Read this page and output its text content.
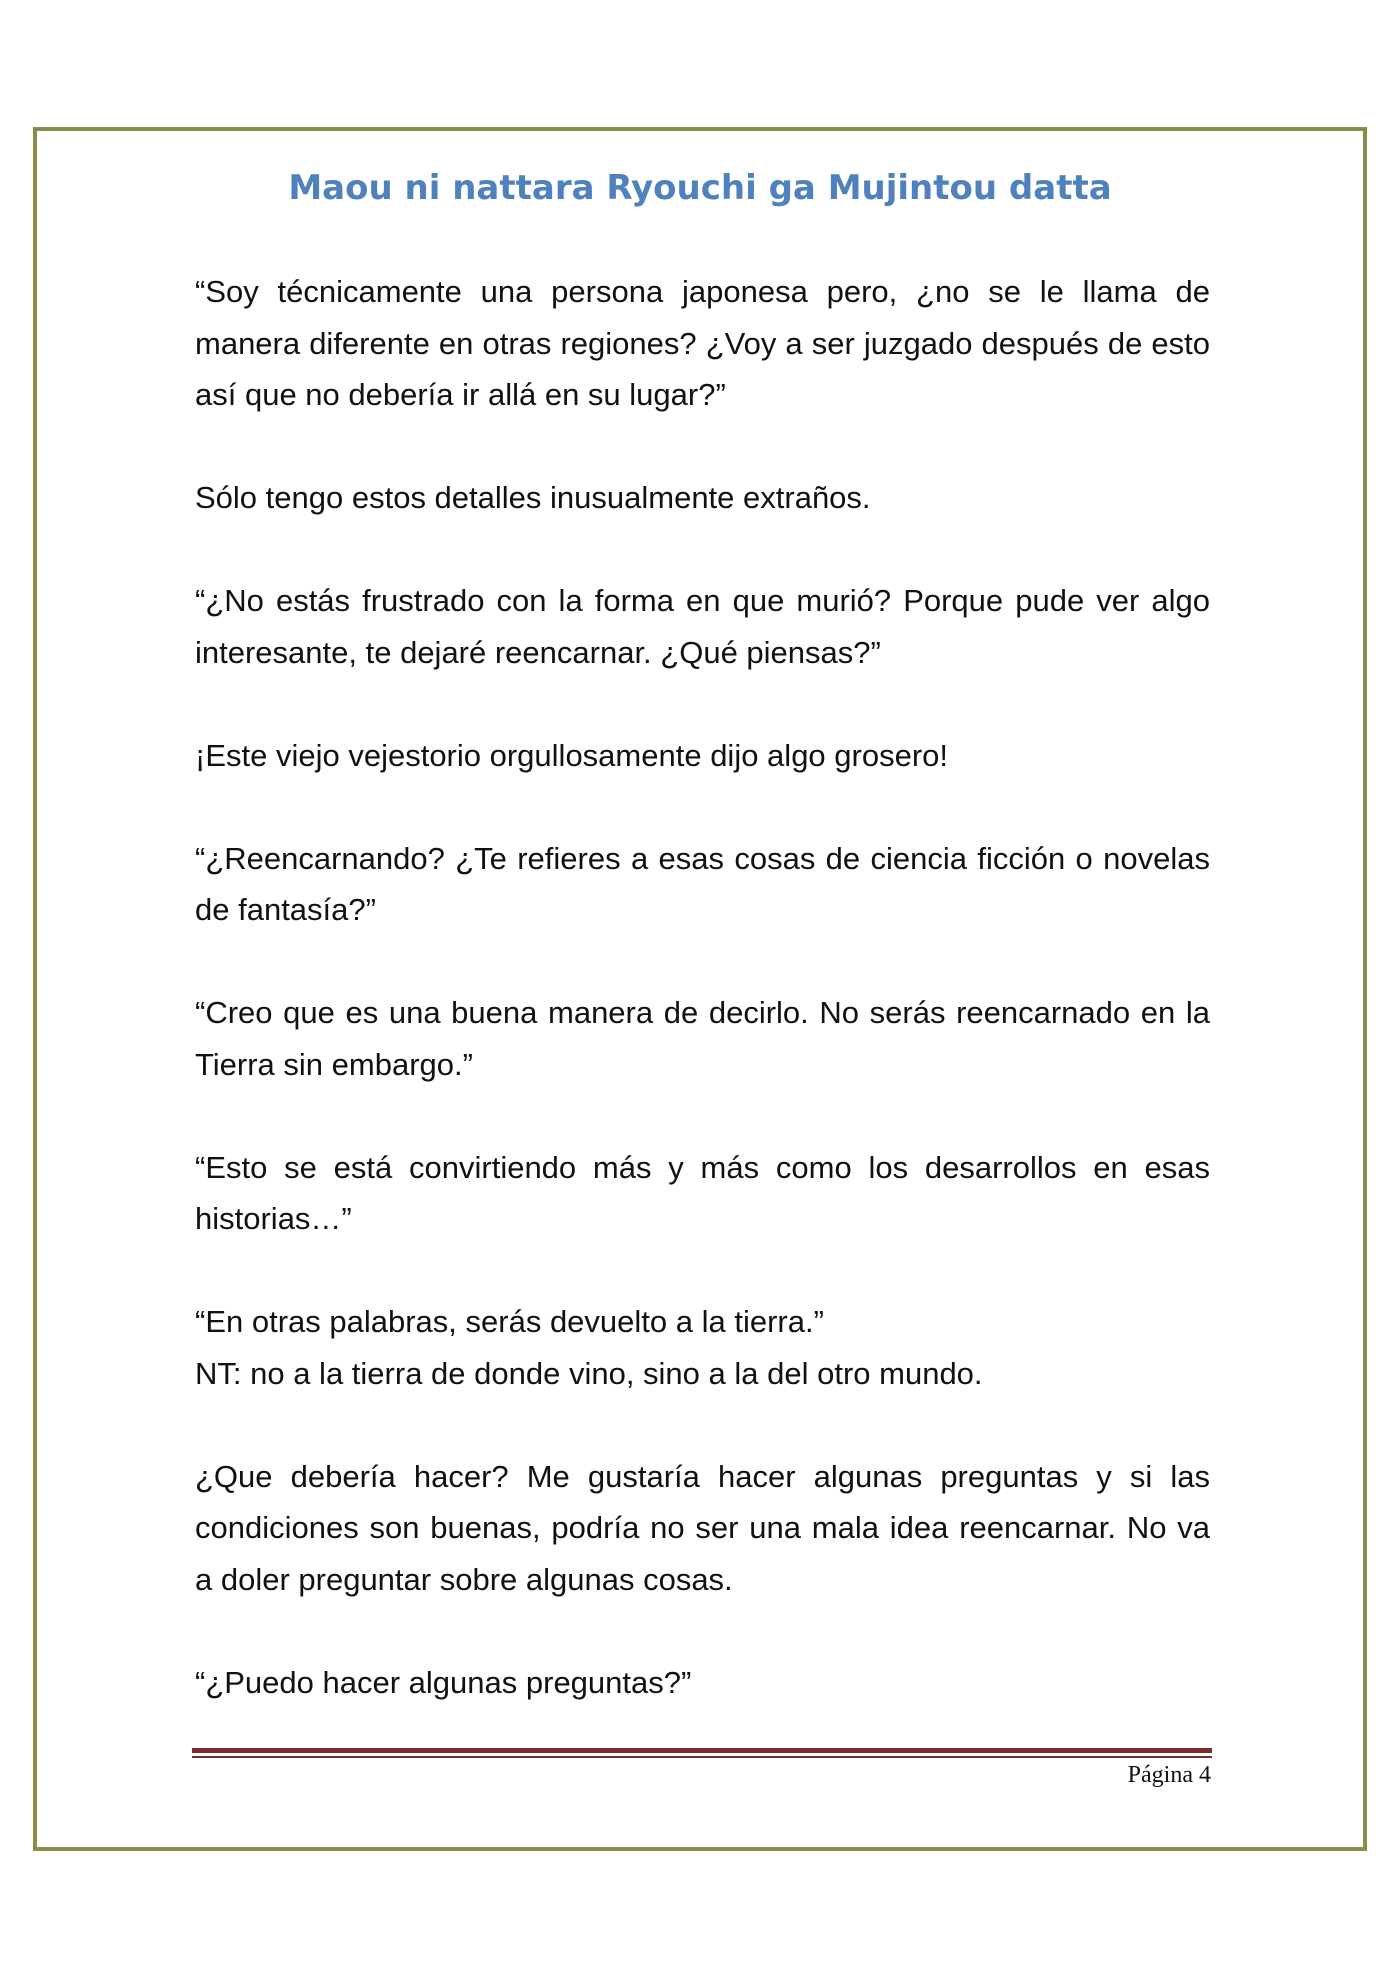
Maou ni nattara Ryouchi ga Mujintou datta

“Soy técnicamente una persona japonesa pero, ¿no se le llama de manera diferente en otras regiones? ¿Voy a ser juzgado después de esto así que no debería ir allá en su lugar?”

Sólo tengo estos detalles inusualmente extraños.

“¿No estás frustrado con la forma en que murió? Porque pude ver algo interesante, te dejaré reencarnar. ¿Qué piensas?”

¡Este viejo vejestorio orgullosamente dijo algo grosero!

“¿Reencarnando? ¿Te refieres a esas cosas de ciencia ficción o novelas de fantasía?”

“Creo que es una buena manera de decirlo. No serás reencarnado en la Tierra sin embargo.”

“Esto se está convirtiendo más y más como los desarrollos en esas historias…”

“En otras palabras, serás devuelto a la tierra.”
NT: no a la tierra de donde vino, sino a la del otro mundo.

¿Que debería hacer? Me gustaría hacer algunas preguntas y si las condiciones son buenas, podría no ser una mala idea reencarnar. No va a doler preguntar sobre algunas cosas.

“¿Puedo hacer algunas preguntas?”

Página 4
